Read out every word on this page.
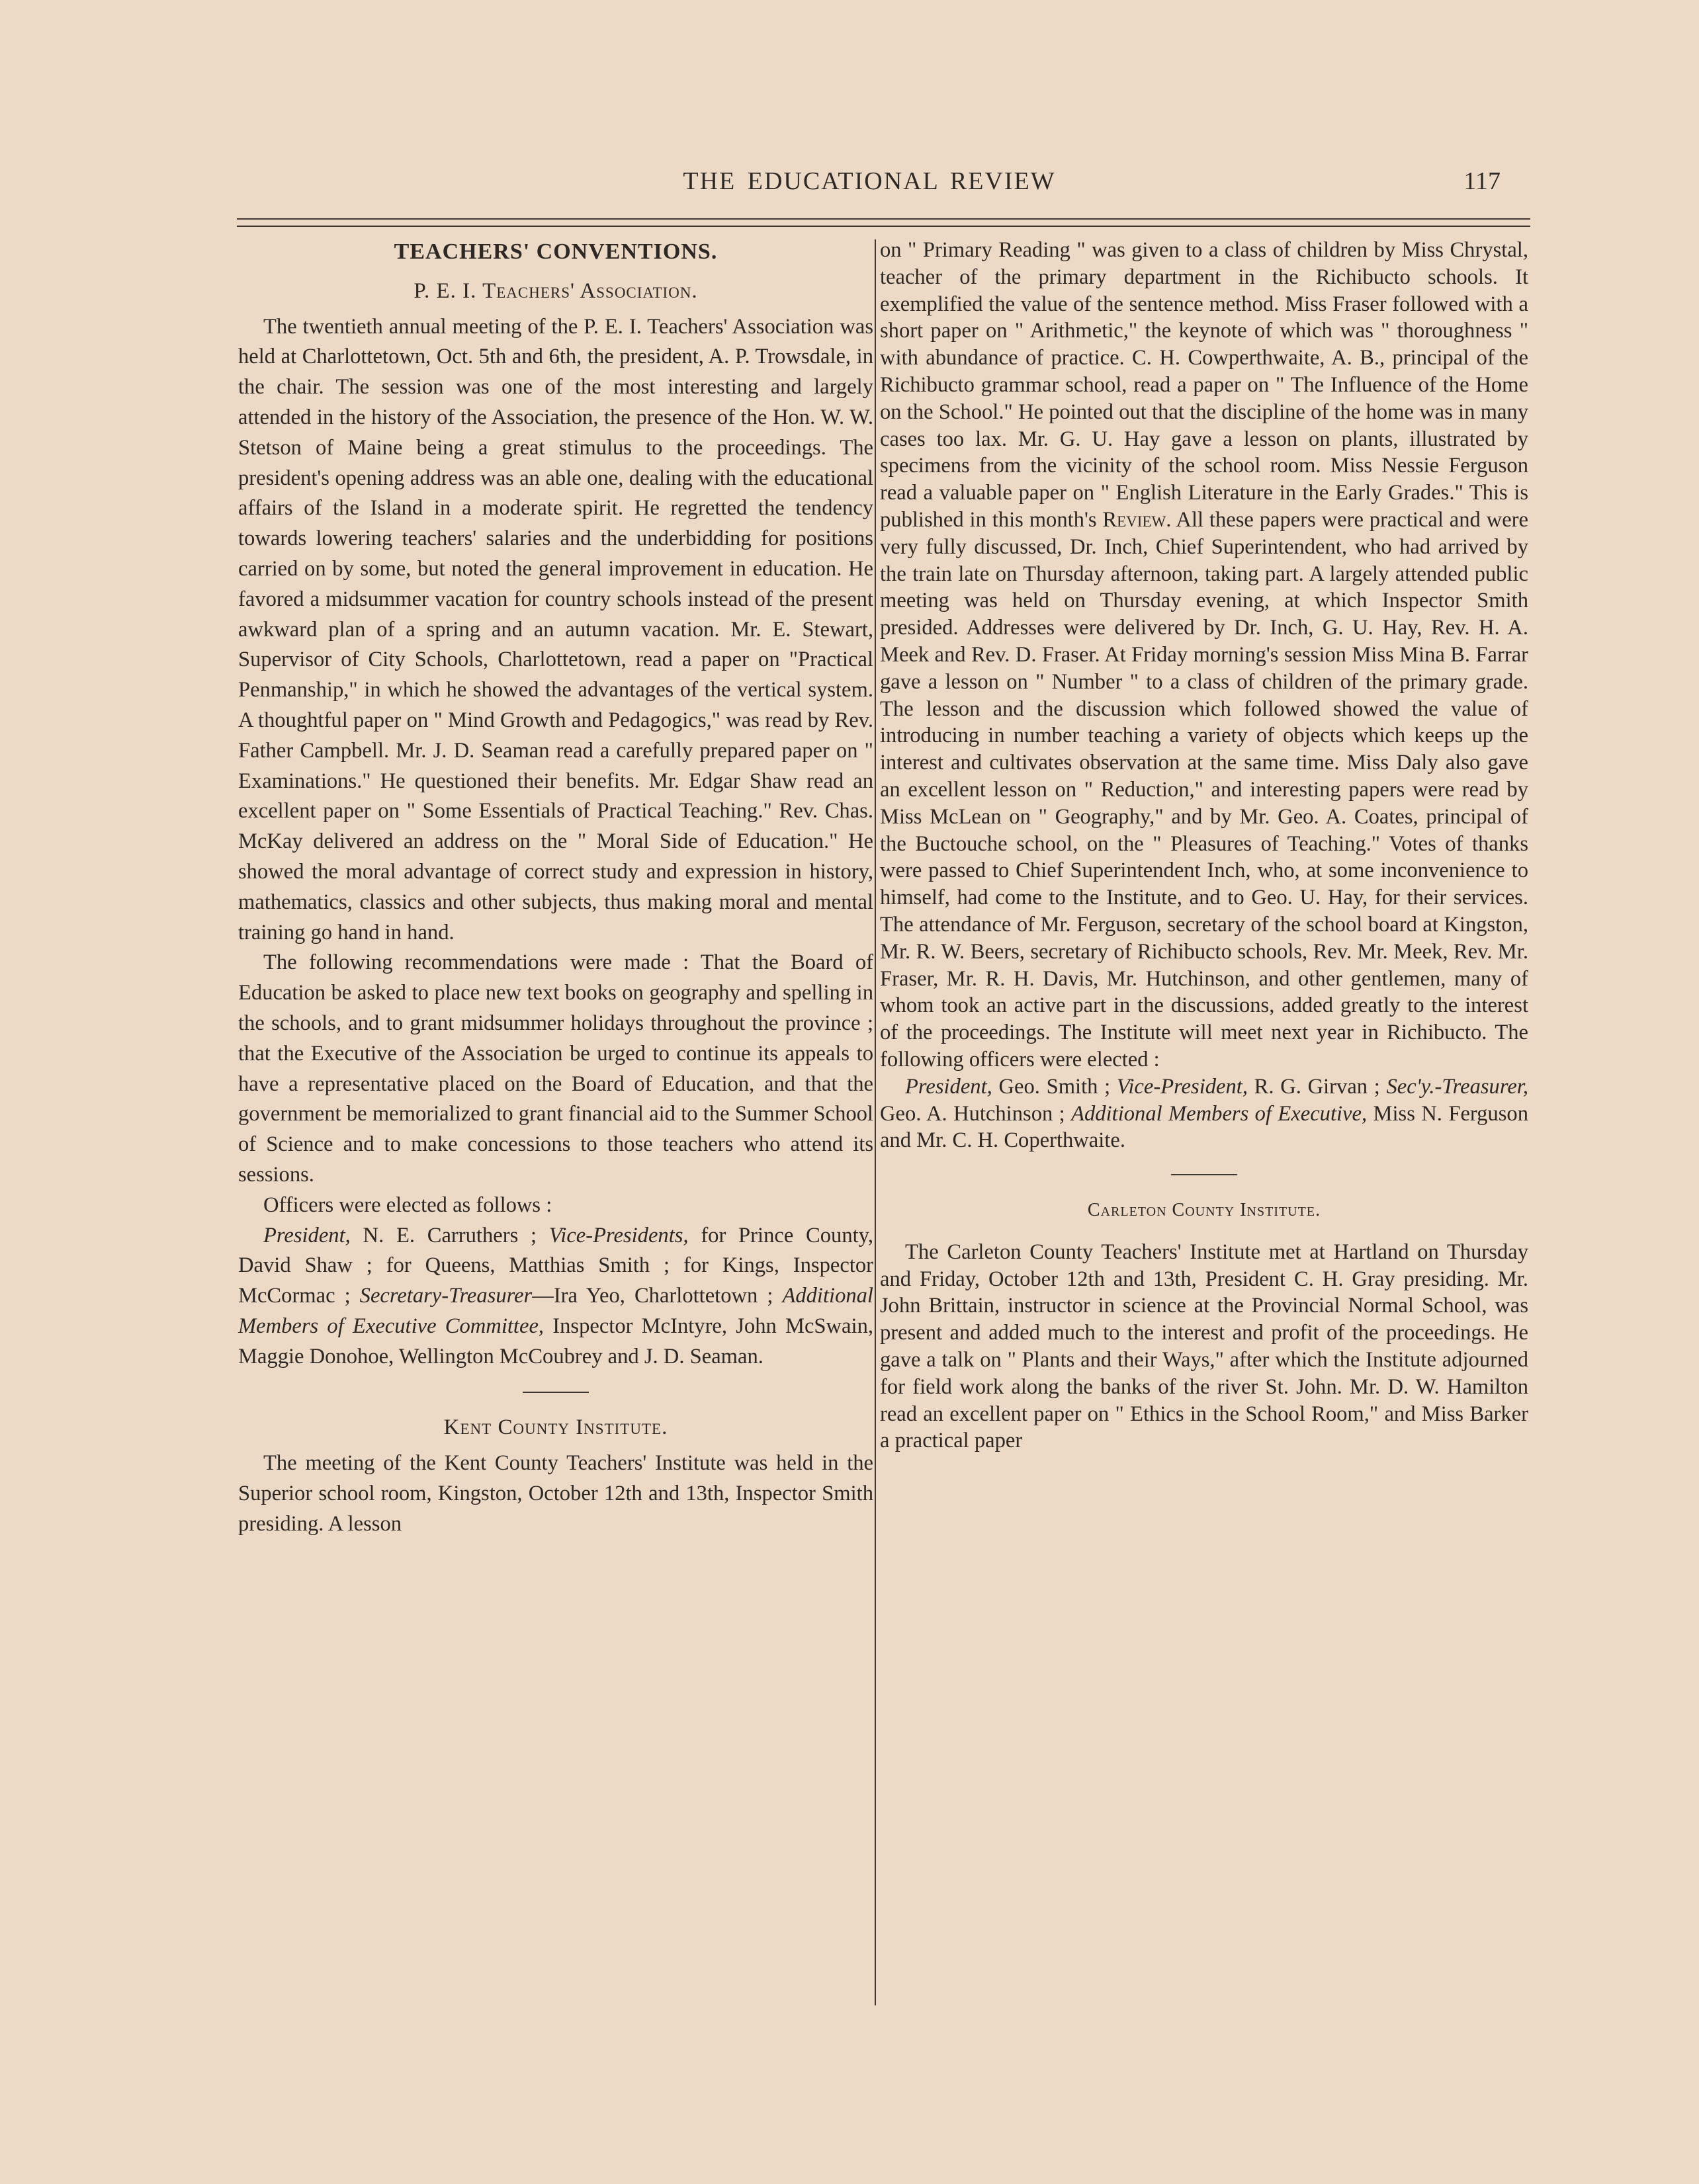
THE EDUCATIONAL REVIEW	117
TEACHERS' CONVENTIONS.
P. E. I. Teachers' Association.

The twentieth annual meeting of the P. E. I. Teachers' Association was held at Charlottetown, Oct. 5th and 6th, the president, A. P. Trowsdale, in the chair. The session was one of the most interesting and largely attended in the history of the Association, the presence of the Hon. W. W. Stetson of Maine being a great stimulus to the proceedings. The president's opening address was an able one, dealing with the educational affairs of the Island in a moderate spirit. He regretted the tendency towards lowering teachers' salaries and the underbidding for positions carried on by some, but noted the general improvement in education. He favored a midsummer vacation for country schools instead of the present awkward plan of a spring and an autumn vacation. Mr. E. Stewart, Supervisor of City Schools, Charlottetown, read a paper on "Practical Penmanship," in which he showed the advantages of the vertical system. A thoughtful paper on " Mind Growth and Pedagogics," was read by Rev. Father Campbell. Mr. J. D. Seaman read a carefully prepared paper on " Examinations." He questioned their benefits. Mr. Edgar Shaw read an excellent paper on " Some Essentials of Practical Teaching." Rev. Chas. McKay delivered an address on the " Moral Side of Education." He showed the moral advantage of correct study and expression in history, mathematics, classics and other subjects, thus making moral and mental training go hand in hand.

The following recommendations were made : That the Board of Education be asked to place new text books on geography and spelling in the schools, and to grant midsummer holidays throughout the province ; that the Executive of the Association be urged to continue its appeals to have a representative placed on the Board of Education, and that the government be memorialized to grant financial aid to the Summer School of Science and to make concessions to those teachers who attend its sessions.

Officers were elected as follows :

President, N. E. Carruthers ; Vice-Presidents, for Prince County, David Shaw ; for Queens, Matthias Smith ; for Kings, Inspector McCormac ; Secretary-Treasurer—Ira Yeo, Charlottetown ; Additional Members of Executive Committee, Inspector McIntyre, John McSwain, Maggie Donohoe, Wellington McCoubrey and J. D. Seaman.

Kent County Institute.

The meeting of the Kent County Teachers' Institute was held in the Superior school room, Kingston, October 12th and 13th, Inspector Smith presiding. A lesson

on " Primary Reading " was given to a class of children by Miss Chrystal, teacher of the primary department in the Richibucto schools. It exemplified the value of the sentence method. Miss Fraser followed with a short paper on " Arithmetic," the keynote of which was " thoroughness " with abundance of practice. C. H. Cowperthwaite, A. B., principal of the Richibucto grammar school, read a paper on " The Influence of the Home on the School." He pointed out that the discipline of the home was in many cases too lax. Mr. G. U. Hay gave a lesson on plants, illustrated by specimens from the vicinity of the school room. Miss Nessie Ferguson read a valuable paper on " English Literature in the Early Grades." This is published in this month's Review. All these papers were practical and were very fully discussed, Dr. Inch, Chief Superintendent, who had arrived by the train late on Thursday afternoon, taking part. A largely attended public meeting was held on Thursday evening, at which Inspector Smith presided. Addresses were delivered by Dr. Inch, G. U. Hay, Rev. H. A. Meek and Rev. D. Fraser. At Friday morning's session Miss Mina B. Farrar gave a lesson on " Number " to a class of children of the primary grade. The lesson and the discussion which followed showed the value of introducing in number teaching a variety of objects which keeps up the interest and cultivates observation at the same time. Miss Daly also gave an excellent lesson on " Reduction," and interesting papers were read by Miss McLean on " Geography," and by Mr. Geo. A. Coates, principal of the Buctouche school, on the " Pleasures of Teaching." Votes of thanks were passed to Chief Superintendent Inch, who, at some inconvenience to himself, had come to the Institute, and to Geo. U. Hay, for their services. The attendance of Mr. Ferguson, secretary of the school board at Kingston, Mr. R. W. Beers, secretary of Richibucto schools, Rev. Mr. Meek, Rev. Mr. Fraser, Mr. R. H. Davis, Mr. Hutchinson, and other gentlemen, many of whom took an active part in the discussions, added greatly to the interest of the proceedings. The Institute will meet next year in Richibucto. The following officers were elected :

President, Geo. Smith ; Vice-President, R. G. Girvan ; Sec'y.-Treasurer, Geo. A. Hutchinson ; Additional Members of Executive, Miss N. Ferguson and Mr. C. H. Coperthwaite.

Carleton County Institute.

The Carleton County Teachers' Institute met at Hartland on Thursday and Friday, October 12th and 13th, President C. H. Gray presiding. Mr. John Brittain, instructor in science at the Provincial Normal School, was present and added much to the interest and profit of the proceedings. He gave a talk on " Plants and their Ways," after which the Institute adjourned for field work along the banks of the river St. John. Mr. D. W. Hamilton read an excellent paper on " Ethics in the School Room," and Miss Barker a practical paper
